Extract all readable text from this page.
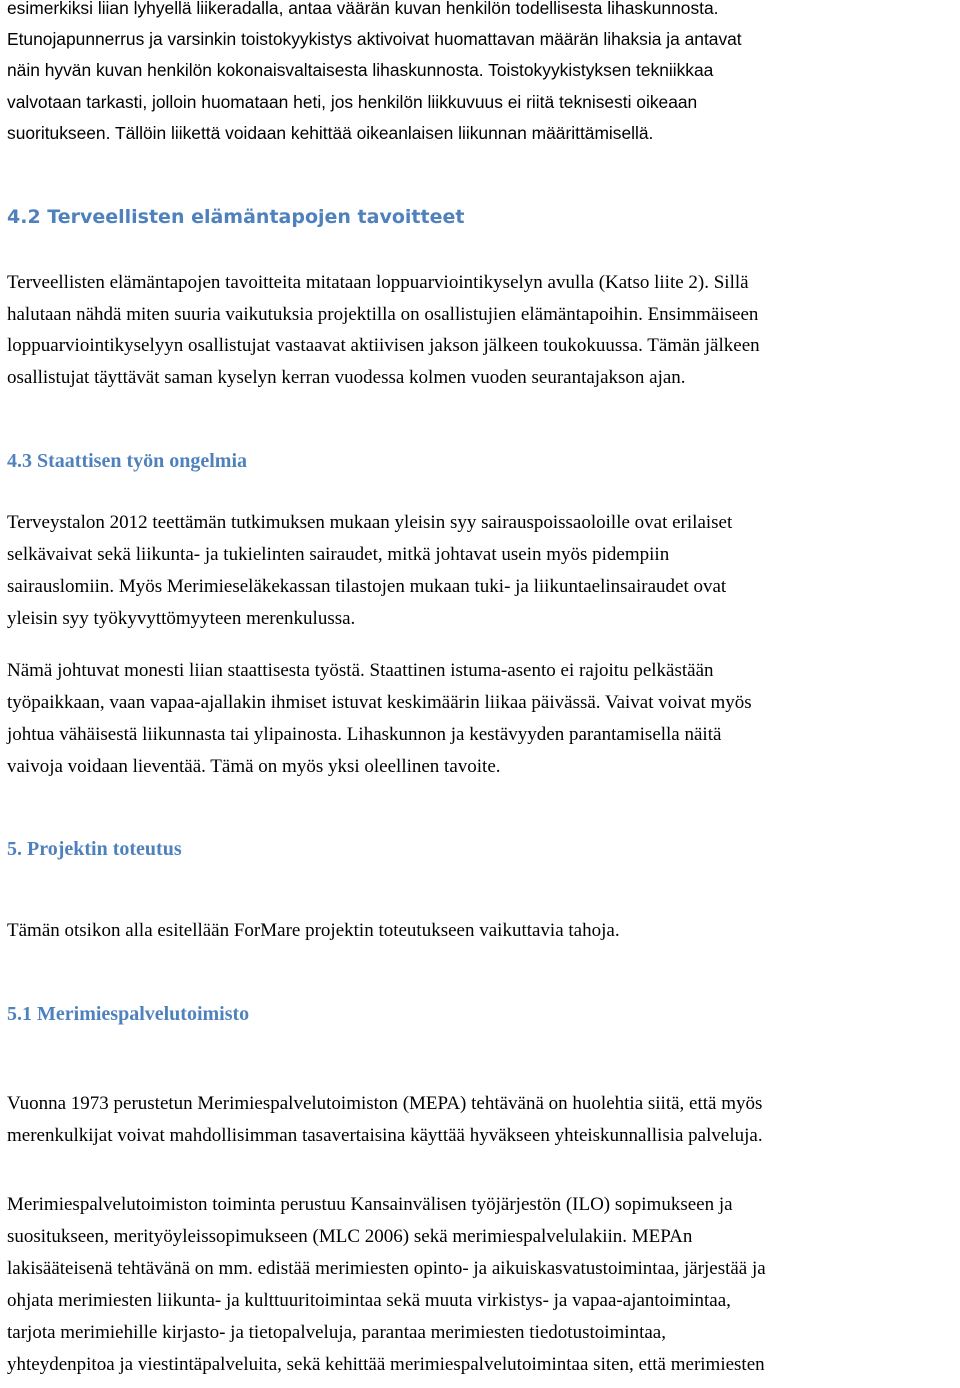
esimerkiksi liian lyhyellä liikeradalla, antaa väärän kuvan henkilön todellisesta lihaskunnosta.
Etunojapunnerrus ja varsinkin toistokyykistys aktivoivat huomattavan määrän lihaksia ja antavat
näin hyvän kuvan henkilön kokonaisvaltaisesta lihaskunnosta. Toistokyykistyksen tekniikkaa
valvotaan tarkasti, jolloin huomataan heti, jos henkilön liikkuvuus ei riitä teknisesti oikeaan
suoritukseen. Tällöin liikettä voidaan kehittää oikeanlaisen liikunnan määrittämisellä.
4.2 Terveellisten elämäntapojen tavoitteet
Terveellisten elämäntapojen tavoitteita mitataan loppuarviointikyselyn avulla (Katso liite 2). Sillä
halutaan nähdä miten suuria vaikutuksia projektilla on osallistujien elämäntapoihin. Ensimmäiseen
loppuarviointikyselyyn osallistujat vastaavat aktiivisen jakson jälkeen toukokuussa. Tämän jälkeen
osallistujat täyttävät saman kyselyn kerran vuodessa kolmen vuoden seurantajakson ajan.
4.3 Staattisen työn ongelmia
Terveystalon 2012 teettämän tutkimuksen mukaan yleisin syy sairauspoissaoloille ovat erilaiset
selkävaivat sekä liikunta- ja tukielinten sairaudet, mitkä johtavat usein myös pidempiin
sairauslomiin. Myös Merimieseläkekassan tilastojen mukaan tuki- ja liikuntaelinsairaudet ovat
yleisin syy työkyvyttömyyteen merenkulussa.
Nämä johtuvat monesti liian staattisesta työstä. Staattinen istuma-asento ei rajoitu pelkästään
työpaikkaan, vaan vapaa-ajallakin ihmiset istuvat keskimäärin liikaa päivässä. Vaivat voivat myös
johtua vähäisestä liikunnasta tai ylipainosta. Lihaskunnon ja kestävyyden parantamisella näitä
vaivoja voidaan lieventää. Tämä on myös yksi oleellinen tavoite.
5. Projektin toteutus
Tämän otsikon alla esitellään ForMare projektin toteutukseen vaikuttavia tahoja.
5.1 Merimiespalvelutoimisto
Vuonna 1973 perustetun Merimiespalvelutoimiston (MEPA) tehtävänä on huolehtia siitä, että myös
merenkulkijat voivat mahdollisimman tasavertaisina käyttää hyväkseen yhteiskunnallisia palveluja.
Merimiespalvelutoimiston toiminta perustuu Kansainvälisen työjärjestön (ILO) sopimukseen ja
suositukseen, merityöyleissopimukseen (MLC 2006) sekä merimiespalvelulakiin. MEPAn
lakisääteisenä tehtävänä on mm. edistää merimiesten opinto- ja aikuiskasvatustoimintaa, järjestää ja
ohjata merimiesten liikunta- ja kulttuuritoimintaa sekä muuta virkistys- ja vapaa-ajantoimintaa,
tarjota merimiehille kirjasto- ja tietopalveluja, parantaa merimiesten tiedotustoimintaa,
yhteydenpitoa ja viestintäpalveluita, sekä kehittää merimiespalvelutoimintaa siten, että merimiesten
